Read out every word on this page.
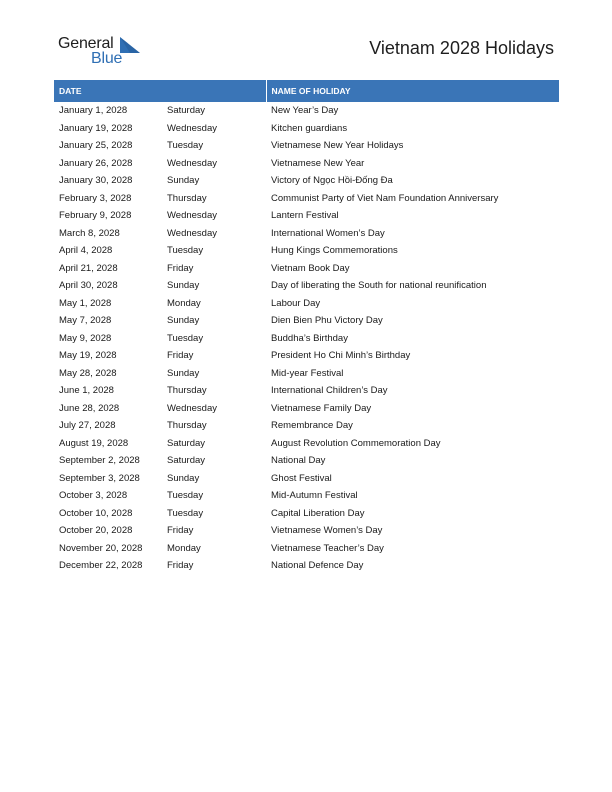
General
Blue
Vietnam 2028 Holidays
DATE		NAME OF HOLIDAY
January 1, 2028	Saturday	New Year’s Day
January 19, 2028	Wednesday	Kitchen guardians
January 25, 2028	Tuesday	Vietnamese New Year Holidays
January 26, 2028	Wednesday	Vietnamese New Year
January 30, 2028	Sunday	Victory of Ngọc Hồi-Đống Đa
February 3, 2028	Thursday	Communist Party of Viet Nam Foundation Anniversary
February 9, 2028	Wednesday	Lantern Festival
March 8, 2028	Wednesday	International Women’s Day
April 4, 2028	Tuesday	Hung Kings Commemorations
April 21, 2028	Friday	Vietnam Book Day
April 30, 2028	Sunday	Day of liberating the South for national reunification
May 1, 2028	Monday	Labour Day
May 7, 2028	Sunday	Dien Bien Phu Victory Day
May 9, 2028	Tuesday	Buddha’s Birthday
May 19, 2028	Friday	President Ho Chi Minh’s Birthday
May 28, 2028	Sunday	Mid-year Festival
June 1, 2028	Thursday	International Children’s Day
June 28, 2028	Wednesday	Vietnamese Family Day
July 27, 2028	Thursday	Remembrance Day
August 19, 2028	Saturday	August Revolution Commemoration Day
September 2, 2028	Saturday	National Day
September 3, 2028	Sunday	Ghost Festival
October 3, 2028	Tuesday	Mid-Autumn Festival
October 10, 2028	Tuesday	Capital Liberation Day
October 20, 2028	Friday	Vietnamese Women’s Day
November 20, 2028	Monday	Vietnamese Teacher’s Day
December 22, 2028	Friday	National Defence Day
